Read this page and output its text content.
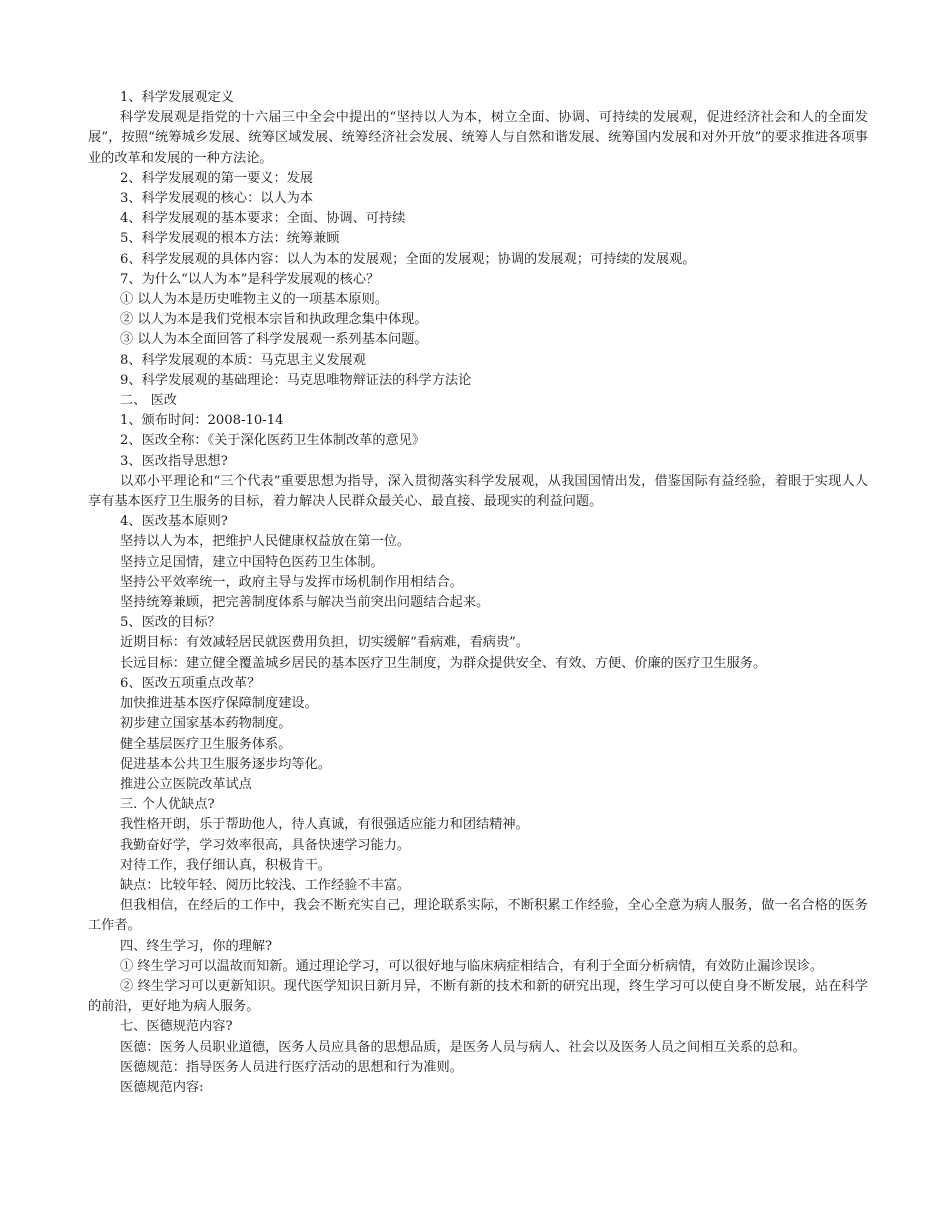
1、科学发展观定义

科学发展观是指党的十六届三中全会中提出的“坚持以人为本，树立全面、协调、可持续的发展观，促进经济社会和人的全面发展”，按照“统筹城乡发展、统筹区域发展、统筹经济社会发展、统筹人与自然和谐发展、统筹国内发展和对外开放”的要求推进各项事业的改革和发展的一种方法论。

2、科学发展观的第一要义：发展

3、科学发展观的核心：以人为本

4、科学发展观的基本要求：全面、协调、可持续

5、科学发展观的根本方法：统筹兼顾

6、科学发展观的具体内容：以人为本的发展观；全面的发展观；协调的发展观；可持续的发展观。

7、为什么“以人为本”是科学发展观的核心？

① 以人为本是历史唯物主义的一项基本原则。

② 以人为本是我们党根本宗旨和执政理念集中体现。

③ 以人为本全面回答了科学发展观一系列基本问题。

8、科学发展观的本质：马克思主义发展观

9、科学发展观的基础理论：马克思唯物辩证法的科学方法论

二、 医改

1、颁布时间：2008-10-14

2、医改全称：《关于深化医药卫生体制改革的意见》

3、医改指导思想?

以邓小平理论和“三个代表”重要思想为指导，深入贯彻落实科学发展观，从我国国情出发，借鉴国际有益经验，着眼于实现人人享有基本医疗卫生服务的目标，着力解决人民群众最关心、最直接、最现实的利益问题。

4、医改基本原则?

坚持以人为本，把维护人民健康权益放在第一位。

坚持立足国情，建立中国特色医药卫生体制。

坚持公平效率统一，政府主导与发挥市场机制作用相结合。

坚持统筹兼顾，把完善制度体系与解决当前突出问题结合起来。

5、医改的目标？

近期目标：有效减轻居民就医费用负担，切实缓解“看病难，看病贵”。

长远目标：建立健全覆盖城乡居民的基本医疗卫生制度，为群众提供安全、有效、方便、价廉的医疗卫生服务。

6、医改五项重点改革？

加快推进基本医疗保障制度建设。

初步建立国家基本药物制度。

健全基层医疗卫生服务体系。

促进基本公共卫生服务逐步均等化。

推进公立医院改革试点

三. 个人优缺点?

我性格开朗，乐于帮助他人，待人真诚，有很强适应能力和团结精神。

我勤奋好学，学习效率很高，具备快速学习能力。

对待工作，我仔细认真，积极肯干。

缺点：比较年轻、阅历比较浅、工作经验不丰富。

但我相信，在经后的工作中，我会不断充实自己，理论联系实际，不断积累工作经验，全心全意为病人服务，做一名合格的医务工作者。

四、终生学习，你的理解?

① 终生学习可以温故而知新。通过理论学习，可以很好地与临床病症相结合，有利于全面分析病情，有效防止漏诊误诊。

② 终生学习可以更新知识。现代医学知识日新月异，不断有新的技术和新的研究出现，终生学习可以使自身不断发展，站在科学的前沿，更好地为病人服务。

七、医德规范内容?

医德：医务人员职业道德，医务人员应具备的思想品质，是医务人员与病人、社会以及医务人员之间相互关系的总和。

医德规范：指导医务人员进行医疗活动的思想和行为准则。

医德规范内容:
